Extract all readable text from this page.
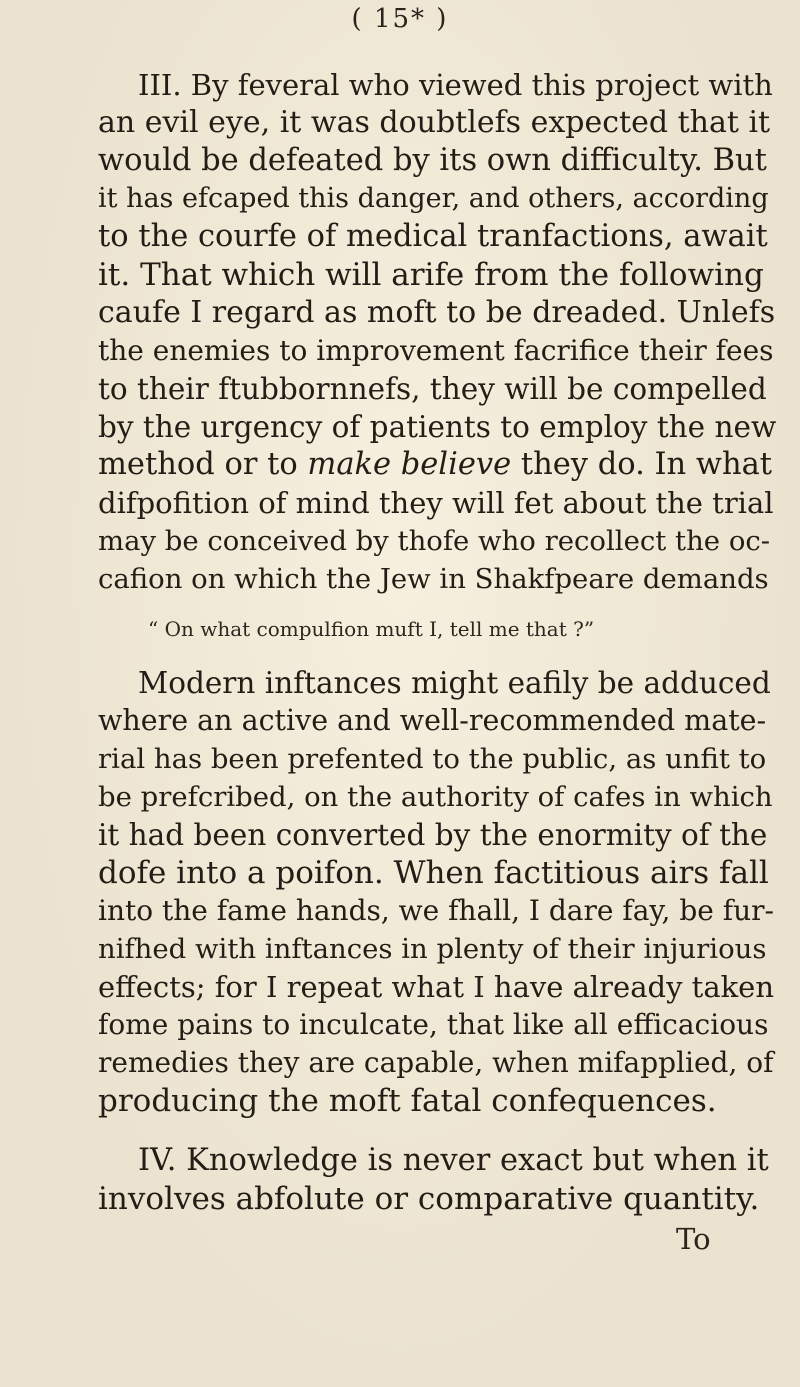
( 15* )
III. By feveral who viewed this project with
an evil eye, it was doubtlefs expected that it
would be defeated by its own difficulty. But
it has efcaped this danger, and others, according
to the courfe of medical tranfactions, await
it. That which will arife from the following
caufe I regard as moft to be dreaded. Unlefs
the enemies to improvement facrifice their fees
to their ftubbornnefs, they will be compelled
by the urgency of patients to employ the new
method or to make believe they do. In what
difpofition of mind they will fet about the trial
may be conceived by thofe who recollect the oc-
cafion on which the Jew in Shakfpeare demands
“ On what compulfion muft I, tell me that ?”
Modern inftances might eafily be adduced
where an active and well-recommended mate-
rial has been prefented to the public, as unfit to
be prefcribed, on the authority of cafes in which
it had been converted by the enormity of the
dofe into a poifon. When factitious airs fall
into the fame hands, we fhall, I dare fay, be fur-
nifhed with inftances in plenty of their injurious
effects; for I repeat what I have already taken
fome pains to inculcate, that like all efficacious
remedies they are capable, when mifapplied, of
producing the moft fatal confequences.
IV. Knowledge is never exact but when it
involves abfolute or comparative quantity.
To
